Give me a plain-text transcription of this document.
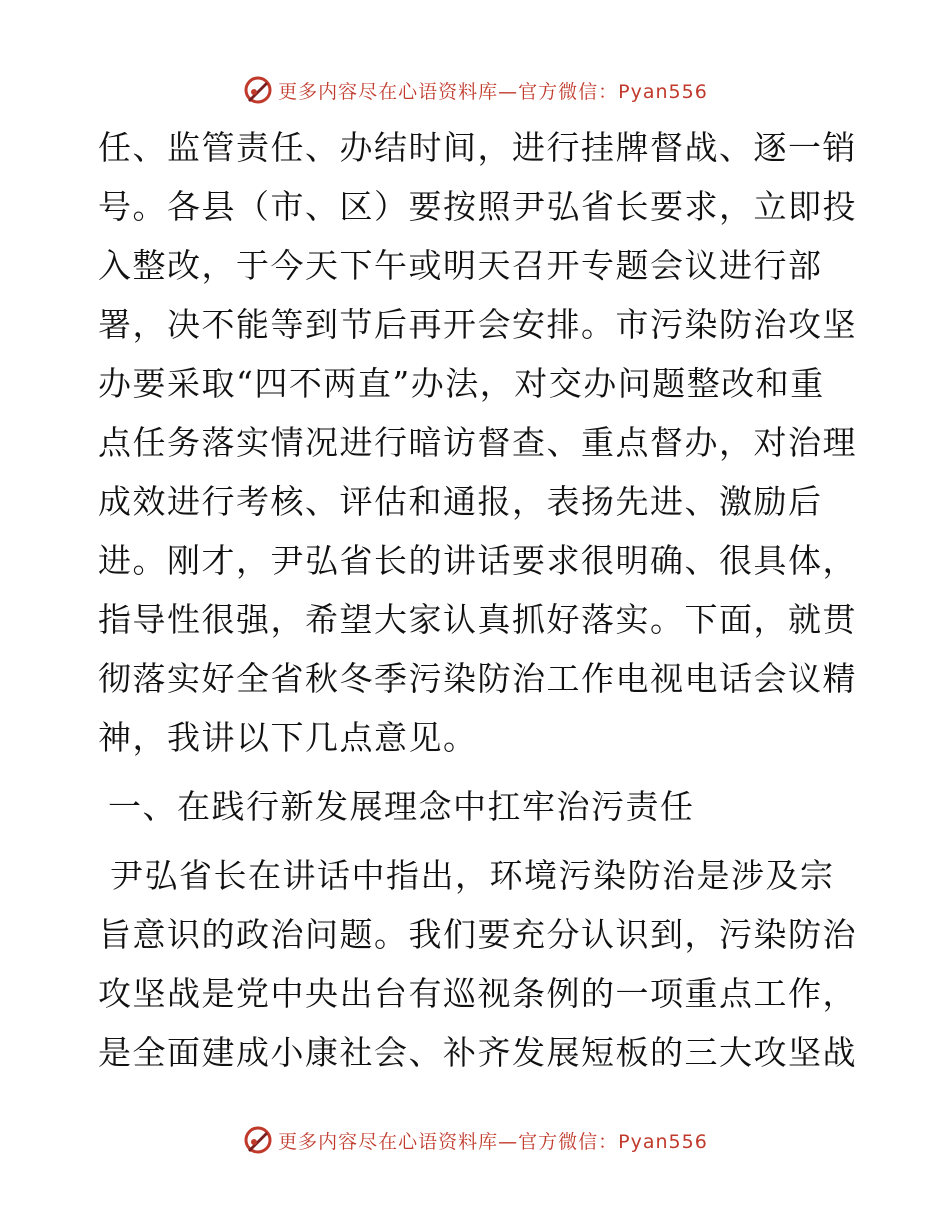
更多内容尽在心语资料库—官方微信：Pyan556
任、监管责任、办结时间，进行挂牌督战、逐一销
号。各县（市、区）要按照尹弘省长要求，立即投
入整改，于今天下午或明天召开专题会议进行部
署，决不能等到节后再开会安排。市污染防治攻坚
办要采取“四不两直”办法，对交办问题整改和重
点任务落实情况进行暗访督查、重点督办，对治理
成效进行考核、评估和通报，表扬先进、激励后
进。刚才，尹弘省长的讲话要求很明确、很具体，
指导性很强，希望大家认真抓好落实。下面，就贯
彻落实好全省秋冬季污染防治工作电视电话会议精
神，我讲以下几点意见。
一、在践行新发展理念中扛牢治污责任
尹弘省长在讲话中指出，环境污染防治是涉及宗
旨意识的政治问题。我们要充分认识到，污染防治
攻坚战是党中央出台有巡视条例的一项重点工作，
是全面建成小康社会、补齐发展短板的三大攻坚战
更多内容尽在心语资料库—官方微信：Pyan556
